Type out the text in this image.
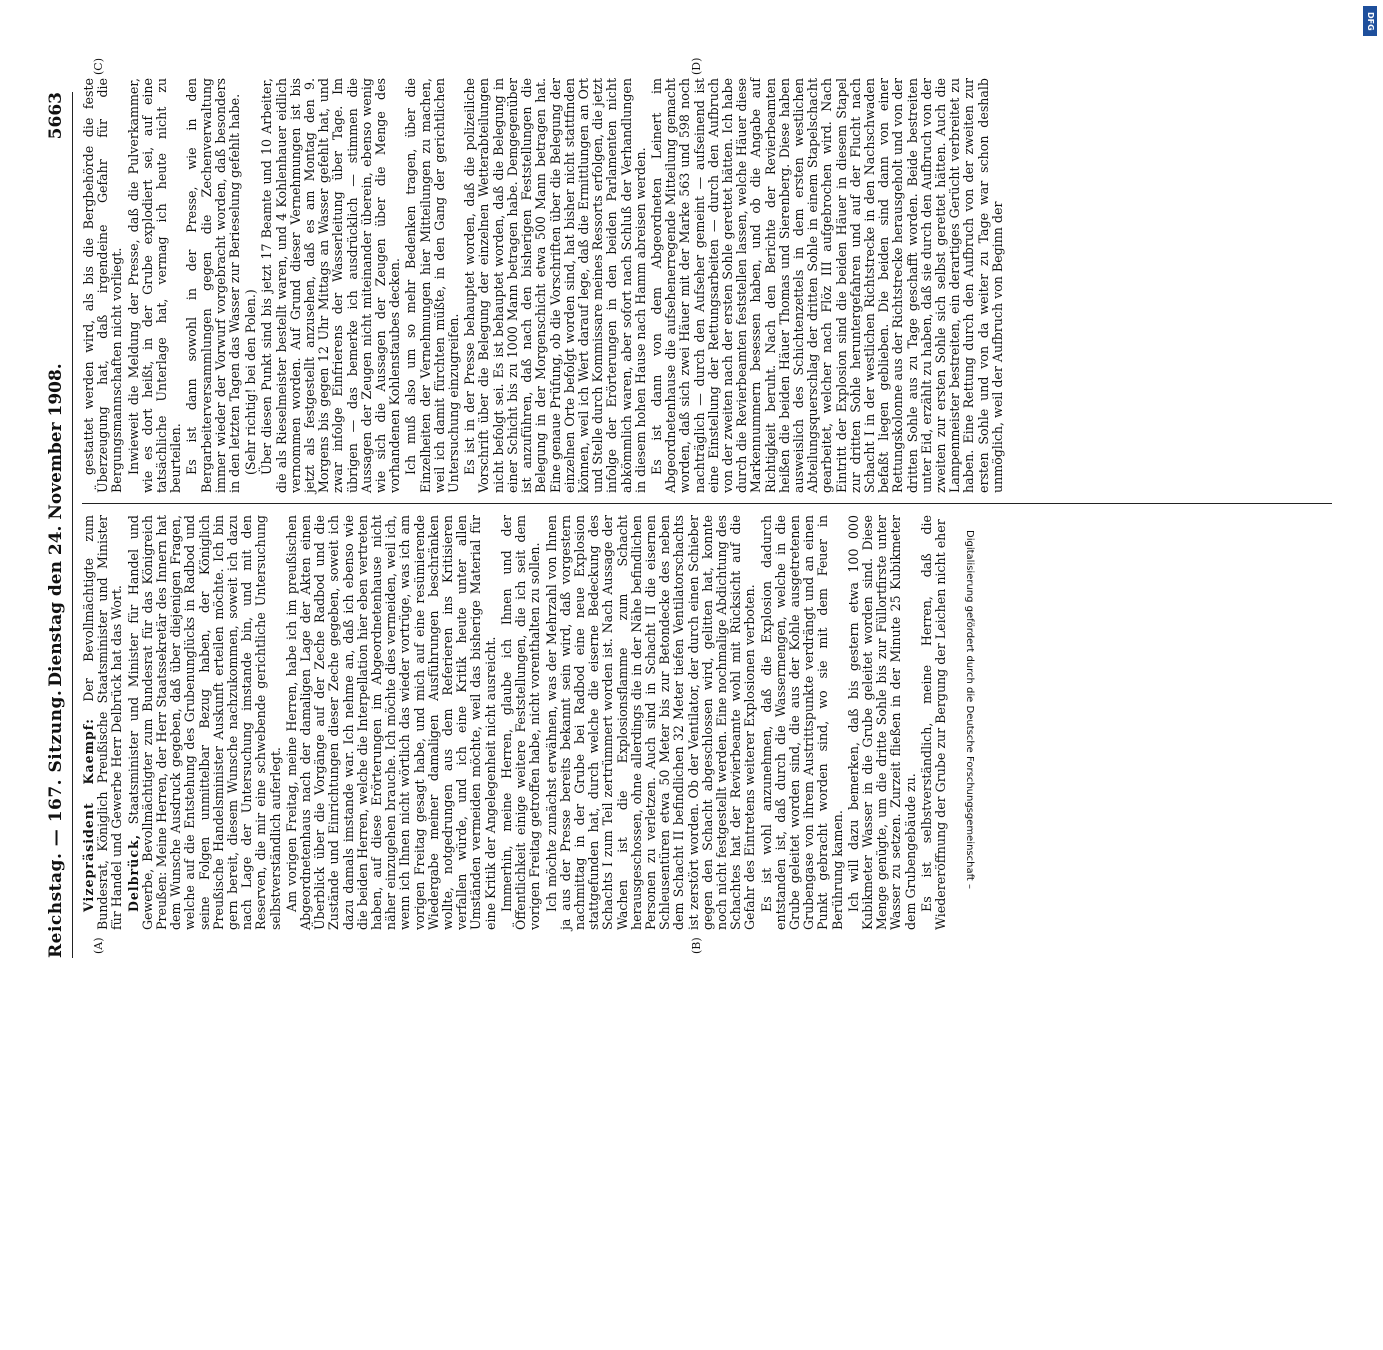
Reichstag. — 167. Sitzung.
Dienstag den 24. November 1908.
5663
(A)	(B)
(C)	(D)

Vizepräsident Kaempf: Der Bevollmächtigte zum Bundesrat, Königlich Preußische Staatsminister und Minister für Handel und Gewerbe Herr Delbrück hat das Wort. Delbrück, Staatsminister und Minister für Handel und Gewerbe, Bevollmächtigter zum Bundesrat für das Königreich Preußen: Meine Herren, der Herr Staatssekretär des Innern hat dem Wunsche Ausdruck gegeben, daß über diejenigen Fragen, welche auf die Entstehung des Grubenunglücks in Radbod und seine Folgen unmittelbar Bezug haben, der Königlich Preußische Handelsminister Auskunft erteilen möchte. Ich bin gern bereit, diesem Wunsche nachzukommen, soweit ich dazu nach Lage der Untersuchung imstande bin, und mit den Reserven, die mir eine schwebende gerichtliche Untersuchung selbstverständlich auferlegt. Am vorigen Freitag, meine Herren, habe ich im preußischen Abgeordnetenhaus nach der damaligen Lage der Akten einen Überblick über die Vorgänge auf der Zeche Radbod und die Zustände und Einrichtungen dieser Zeche gegeben, soweit ich dazu damals imstande war. Ich nehme an, daß ich ebenso wie die beiden Herren, welche die Interpellation hier eben vertreten haben, auf diese Erörterungen im Abgeordnetenhause nicht näher einzugehen brauche. Ich möchte dies vermeiden, weil ich, wenn ich Ihnen nicht wörtlich das wieder vortrüge, was ich am vorigen Freitag gesagt habe, und mich auf eine resümierende Wiedergabe meiner damaligen Ausführungen beschränken wollte, notgedrungen aus dem Referieren ins Kritisieren verfallen würde, und ich eine Kritik heute unter allen Umständen vermeiden möchte, weil das bisherige Material für eine Kritik der Angelegenheit nicht ausreicht. Immerhin, meine Herren, glaube ich Ihnen und der Öffentlichkeit einige weitere Feststellungen, die ich seit dem vorigen Freitag getroffen habe, nicht vorenthalten zu sollen. Ich möchte zunächst erwähnen, was der Mehrzahl von Ihnen ja aus der Presse bereits bekannt sein wird, daß vorgestern nachmittag in der Grube bei Radbod eine neue Explosion stattgefunden hat, durch welche die eiserne Bedeckung des Schachts I zum Teil zertrümmert worden ist. Nach Aussage der Wachen ist die Explosionsflamme zum Schacht herausgeschossen, ohne allerdings die in der Nähe befindlichen Personen zu verletzen. Auch sind in Schacht II die eisernen Schleusentüren etwa 50 Meter bis zur Betondecke des neben dem Schacht II befindlichen 32 Meter tiefen Ventilatorschachts ist zerstört worden. Ob der Ventilator, der durch einen Schieber gegen den Schacht abgeschlossen wird, gelitten hat, konnte noch nicht festgestellt werden. Eine nochmalige Abdichtung des Schachtes hat der Revierbeamte wohl mit Rücksicht auf die Gefahr des Eintretens weiterer Explosionen verboten. Es ist wohl anzunehmen, daß die Explosion dadurch entstanden ist, daß durch die Wassermengen, welche in die Grube geleitet worden sind, die aus der Kohle ausgetretenen Grubengase von ihrem Austrittspunkte verdrängt und an einen Punkt gebracht worden sind, wo sie mit dem Feuer in Berührung kamen. Ich will dazu bemerken, daß bis gestern etwa 100 000 Kubikmeter Wasser in die Grube geleitet worden sind. Diese Menge genügte, um die dritte Sohle bis zur Füllortfirste unter Wasser zu setzen. Zurzeit fließen in der Minute 25 Kubikmeter dem Grubengebäude zu. Es ist selbstverständlich, meine Herren, daß die Wiedereröffnung der Grube zur Bergung der Leichen nicht eher

gestattet werden wird, als bis die Bergbehörde die feste Überzeugung hat, daß irgendeine Gefahr für die Bergungsmannschaften nicht vorliegt. Inwieweit die Meldung der Presse, daß die Pulverkammer, wie es dort heißt, in der Grube explodiert sei, auf eine tatsächliche Unterlage hat, vermag ich heute nicht zu beurteilen. Es ist dann sowohl in der Presse, wie in den Bergarbeiterversammlungen gegen die Zechenverwaltung immer wieder der Vorwurf vorgebracht worden, daß besonders in den letzten Tagen das Wasser zur Berieselung gefehlt habe. (Sehr richtig! bei den Polen.) Über diesen Punkt sind bis jetzt 17 Beamte und 10 Arbeiter, die als Rieselmeister bestellt waren, und 4 Kohlenhauer eidlich vernommen worden. Auf Grund dieser Vernehmungen ist bis jetzt als festgestellt anzusehen, daß es am Montag den 9. Morgens bis gegen 12 Uhr Mittags an Wasser gefehlt hat, und zwar infolge Einfrierens der Wasserleitung über Tage. Im übrigen — das bemerke ich ausdrücklich — stimmen die Aussagen der Zeugen nicht miteinander überein, ebenso wenig wie sich die Aussagen der Zeugen über die Menge des vorhandenen Kohlenstaubes decken. Ich muß also um so mehr Bedenken tragen, über die Einzelheiten der Vernehmungen hier Mitteilungen zu machen, weil ich damit fürchten müßte, in den Gang der gerichtlichen Untersuchung einzugreifen. Es ist in der Presse behauptet worden, daß die polizeiliche Vorschrift über die Belegung der einzelnen Wetterabteilungen nicht befolgt sei. Es ist behauptet worden, daß die Belegung in einer Schicht bis zu 1000 Mann betragen habe. Demgegenüber ist anzuführen, daß nach den bisherigen Feststellungen die Belegung in der Morgenschicht etwa 500 Mann betragen hat. Eine genaue Prüfung, ob die Vorschriften über die Belegung der einzelnen Orte befolgt worden sind, hat bisher nicht stattfinden können, weil ich Wert darauf lege, daß die Ermittlungen an Ort und Stelle durch Kommissare meines Ressorts erfolgen, die jetzt infolge der Erörterungen in den beiden Parlamenten nicht abkömmlich waren, aber sofort nach Schluß der Verhandlungen in diesem hohen Hause nach Hamm abreisen werden. Es ist dann von dem Abgeordneten Leinert im Abgeordnetenhause die aufsehenerregende Mitteilung gemacht worden, daß sich zwei Häuer mit der Marke 563 und 598 noch nachträglich — durch den Aufseher gemeint — aufseinend ist eine Einstellung der Rettungsarbeiten — durch den Aufbruch von der zweiten nach der ersten Sohle gerettet hätten. Ich habe durch die Revierbeamten feststellen lassen, welche Häuer diese Markennummern besessen haben, und ob die Angabe auf Richtigkeit beruht. Nach den Berichte der Revierbeamten heißen die beiden Häuer Thomas und Sierenberg. Diese haben ausweislich des Schichtenzettels in dem ersten westlichen Abteilungsquerschlag der dritten Sohle in einem Stapelschacht gearbeitet, welcher nach Flöz III aufgebrochen wird. Nach Eintritt der Explosion sind die beiden Häuer in diesem Stapel zur dritten Sohle heruntergefahren und auf der Flucht nach Schacht I in der westlichen Richtstrecke in den Nachschwaden befaßt liegen geblieben. Die beiden sind dann von einer Rettungskolonne aus der Richtstrecke herausgeholt und von der dritten Sohle aus zu Tage geschafft worden. Beide bestreiten unter Eid, erzählt zu haben, daß sie durch den Aufbruch von der zweiten zur ersten Sohle sich selbst gerettet hätten. Auch die Lampenmeister bestreiten, ein derartiges Gerücht verbreitet zu haben. Eine Rettung durch den Aufbruch von der zweiten zur ersten Sohle und von da weiter zu Tage war schon deshalb unmöglich, weil der Aufbruch von Beginn der

DFG
Digitalisierung gefördert durch die Deutsche Forschungsgemeinschaft –
